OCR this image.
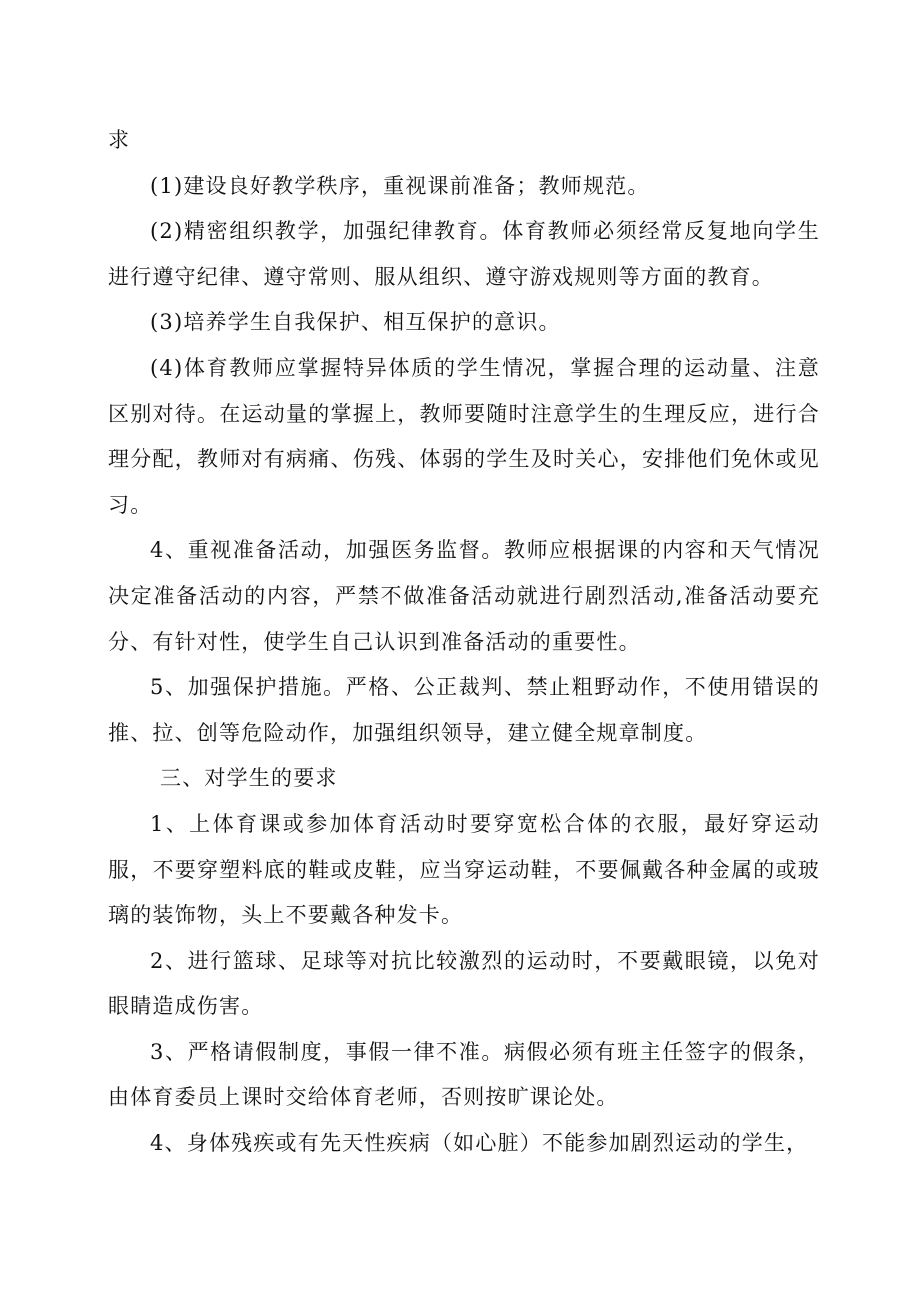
求

(1)建设良好教学秩序，重视课前准备；教师规范。

(2)精密组织教学，加强纪律教育。体育教师必须经常反复地向学生进行遵守纪律、遵守常则、服从组织、遵守游戏规则等方面的教育。

(3)培养学生自我保护、相互保护的意识。

(4)体育教师应掌握特异体质的学生情况，掌握合理的运动量、注意区别对待。在运动量的掌握上，教师要随时注意学生的生理反应，进行合理分配，教师对有病痛、伤残、体弱的学生及时关心，安排他们免休或见习。

4、重视准备活动，加强医务监督。教师应根据课的内容和天气情况决定准备活动的内容，严禁不做准备活动就进行剧烈活动,准备活动要充分、有针对性，使学生自己认识到准备活动的重要性。

5、加强保护措施。严格、公正裁判、禁止粗野动作，不使用错误的推、拉、创等危险动作，加强组织领导，建立健全规章制度。

三、对学生的要求

1、上体育课或参加体育活动时要穿宽松合体的衣服，最好穿运动服，不要穿塑料底的鞋或皮鞋，应当穿运动鞋，不要佩戴各种金属的或玻璃的装饰物，头上不要戴各种发卡。

2、进行篮球、足球等对抗比较激烈的运动时，不要戴眼镜，以免对眼睛造成伤害。

3、严格请假制度，事假一律不准。病假必须有班主任签字的假条，由体育委员上课时交给体育老师，否则按旷课论处。

4、身体残疾或有先天性疾病（如心脏）不能参加剧烈运动的学生，
